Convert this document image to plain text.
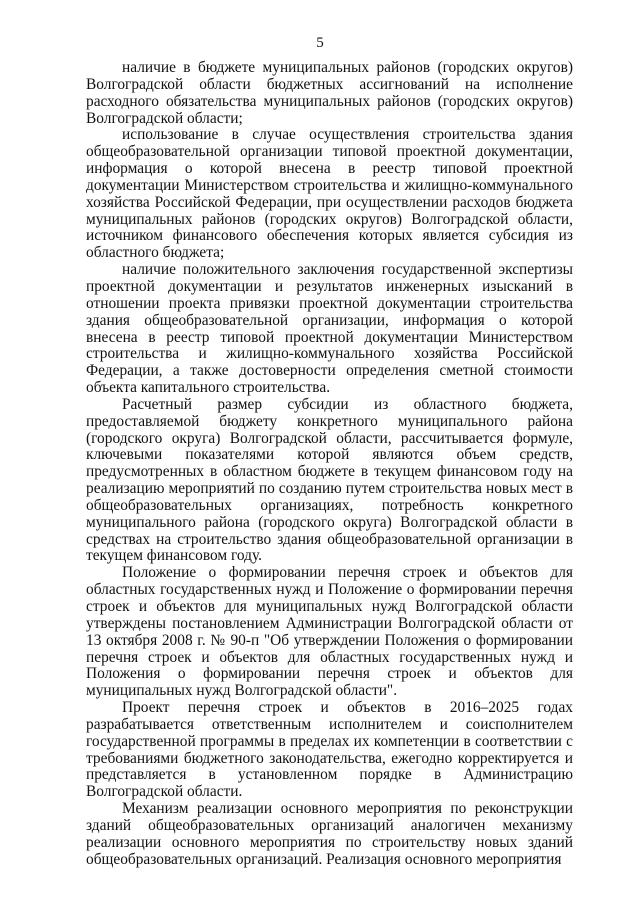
5

наличие в бюджете муниципальных районов (городских округов) Волгоградской области бюджетных ассигнований на исполнение расходного обязательства муниципальных районов (городских округов) Волгоградской области;

использование в случае осуществления строительства здания общеобразовательной организации типовой проектной документации, информация о которой внесена в реестр типовой проектной документации Министерством строительства и жилищно-коммунального хозяйства Российской Федерации, при осуществлении расходов бюджета муниципальных районов (городских округов) Волгоградской области, источником финансового обеспечения которых является субсидия из областного бюджета;

наличие положительного заключения государственной экспертизы проектной документации и результатов инженерных изысканий в отношении проекта привязки проектной документации строительства здания общеобразовательной организации, информация о которой внесена в реестр типовой проектной документации Министерством строительства и жилищно-коммунального хозяйства Российской Федерации, а также достоверности определения сметной стоимости объекта капитального строительства.

Расчетный размер субсидии из областного бюджета, предоставляемой бюджету конкретного муниципального района (городского округа) Волгоградской области, рассчитывается формуле, ключевыми показателями которой являются объем средств, предусмотренных в областном бюджете в текущем финансовом году на реализацию мероприятий по созданию путем строительства новых мест в общеобразовательных организациях, потребность конкретного муниципального района (городского округа) Волгоградской области в средствах на строительство здания общеобразовательной организации в текущем финансовом году.

Положение о формировании перечня строек и объектов для областных государственных нужд и Положение о формировании перечня строек и объектов для муниципальных нужд Волгоградской области утверждены постановлением Администрации Волгоградской области от 13 октября 2008 г. № 90-п "Об утверждении Положения о формировании перечня строек и объектов для областных государственных нужд и Положения о формировании перечня строек и объектов для муниципальных нужд Волгоградской области".

Проект перечня строек и объектов в 2016–2025 годах разрабатывается ответственным исполнителем и соисполнителем государственной программы в пределах их компетенции в соответствии с требованиями бюджетного законодательства, ежегодно корректируется и представляется в установленном порядке в Администрацию Волгоградской области.

Механизм реализации основного мероприятия по реконструкции зданий общеобразовательных организаций аналогичен механизму реализации основного мероприятия по строительству новых зданий общеобразовательных организаций. Реализация основного мероприятия
